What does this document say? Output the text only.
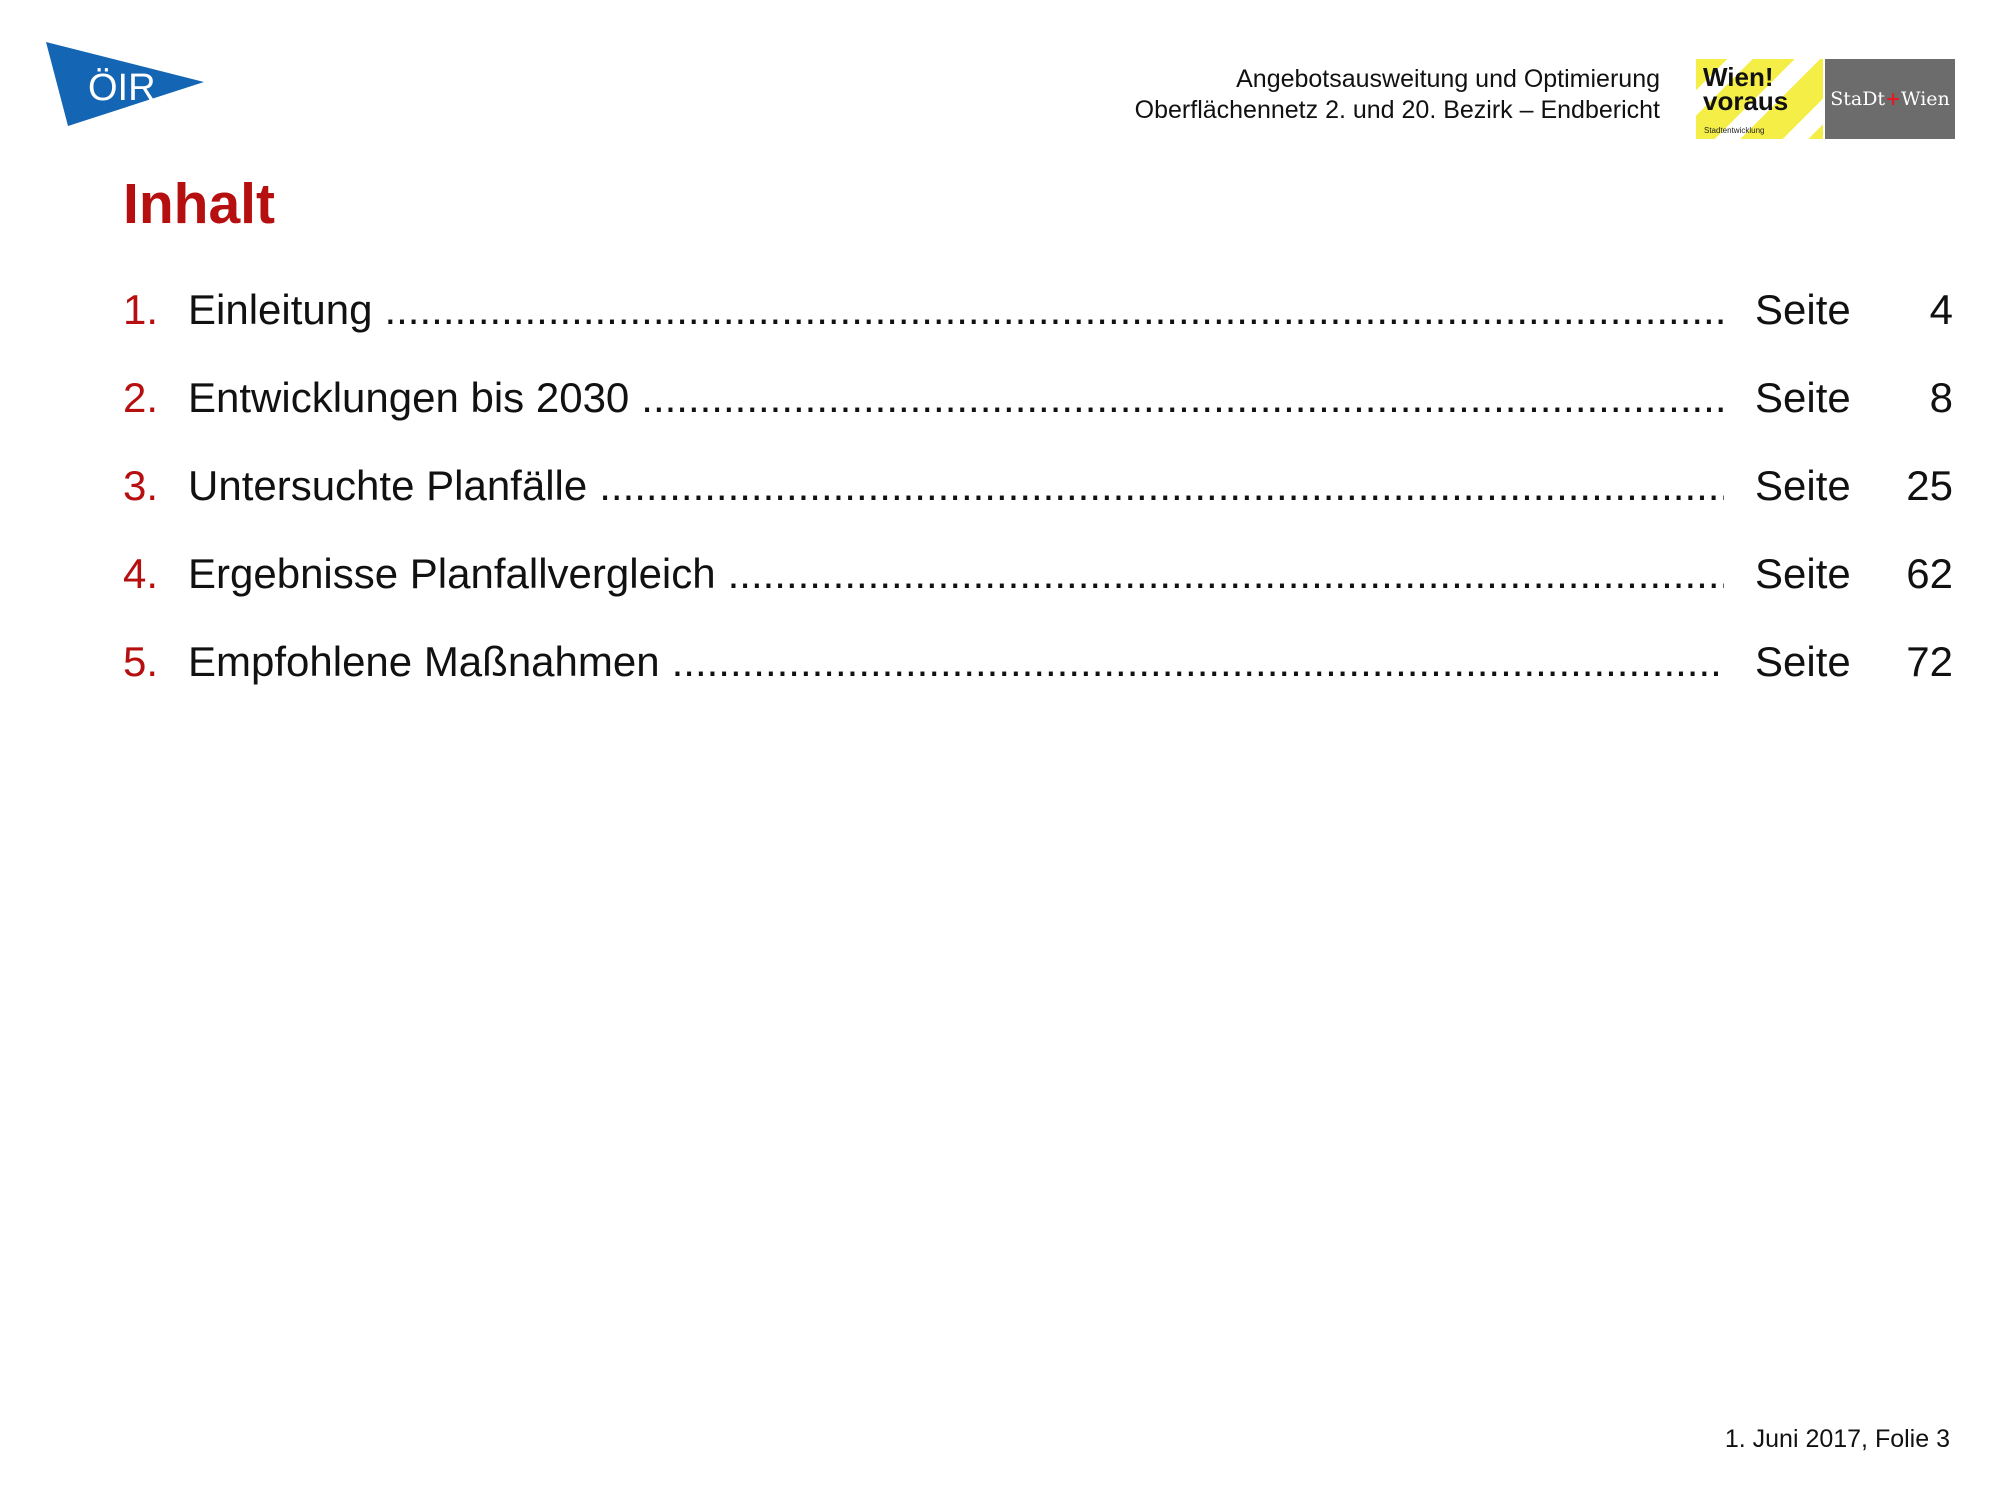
ÖIR	Angebotsausweitung und Optimierung
Oberflächennetz 2. und 20. Bezirk – Endbericht
Wien!
voraus
Stadtentwicklung
StaDt+Wien
Inhalt
1. Einleitung .....	Seite	4
2. Entwicklungen bis 2030 .....	Seite	8
3. Untersuchte Planfälle .....	Seite	25
4. Ergebnisse Planfallvergleich .....	Seite	62
5. Empfohlene Maßnahmen .....	Seite	72
1. Juni 2017, Folie 3
